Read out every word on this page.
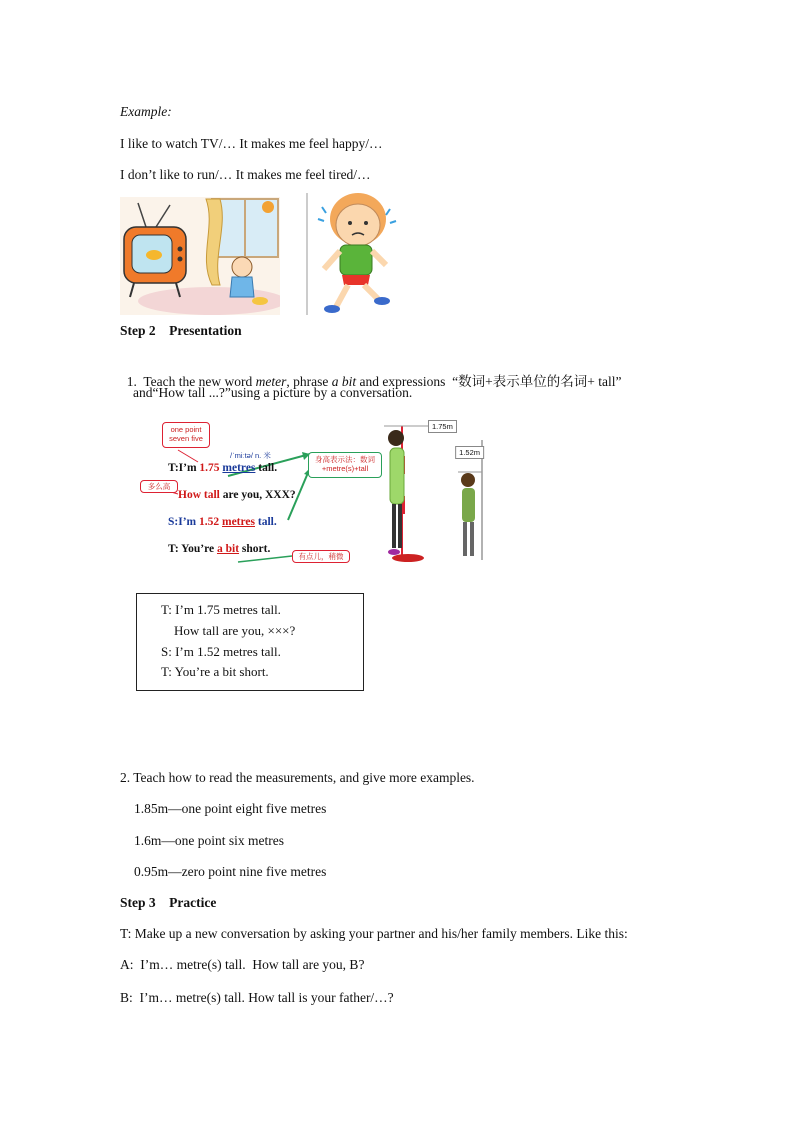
Example:
I like to watch TV/… It makes me feel happy/…
I don’t like to run/… It makes me feel tired/…
Step 2    Presentation

1.  Teach the new word meter, phrase a bit and expressions  “数词+表示单位的名词+ tall”

and“How tall ...?”using a picture by a conversation.
one point seven five
/ˈmiːtə/ n. 米
多么高
身高表示法：数词+metre(s)+tall
有点儿，稍微
T:I’m 1.75 metres tall.
How tall are you, XXX?
S:I’m 1.52 metres tall.
T: You’re a bit short.
1.75m
1.52m
T: I’m 1.75 metres tall.
How tall are you, ×××?
S: I’m 1.52 metres tall.
T: You’re a bit short.
2. Teach how to read the measurements, and give more examples.
1.85m—one point eight five metres
1.6m—one point six metres
0.95m—zero point nine five metres
Step 3    Practice
T: Make up a new conversation by asking your partner and his/her family members. Like this:
A:  I’m… metre(s) tall.  How tall are you, B?
B:  I’m… metre(s) tall. How tall is your father/…?
